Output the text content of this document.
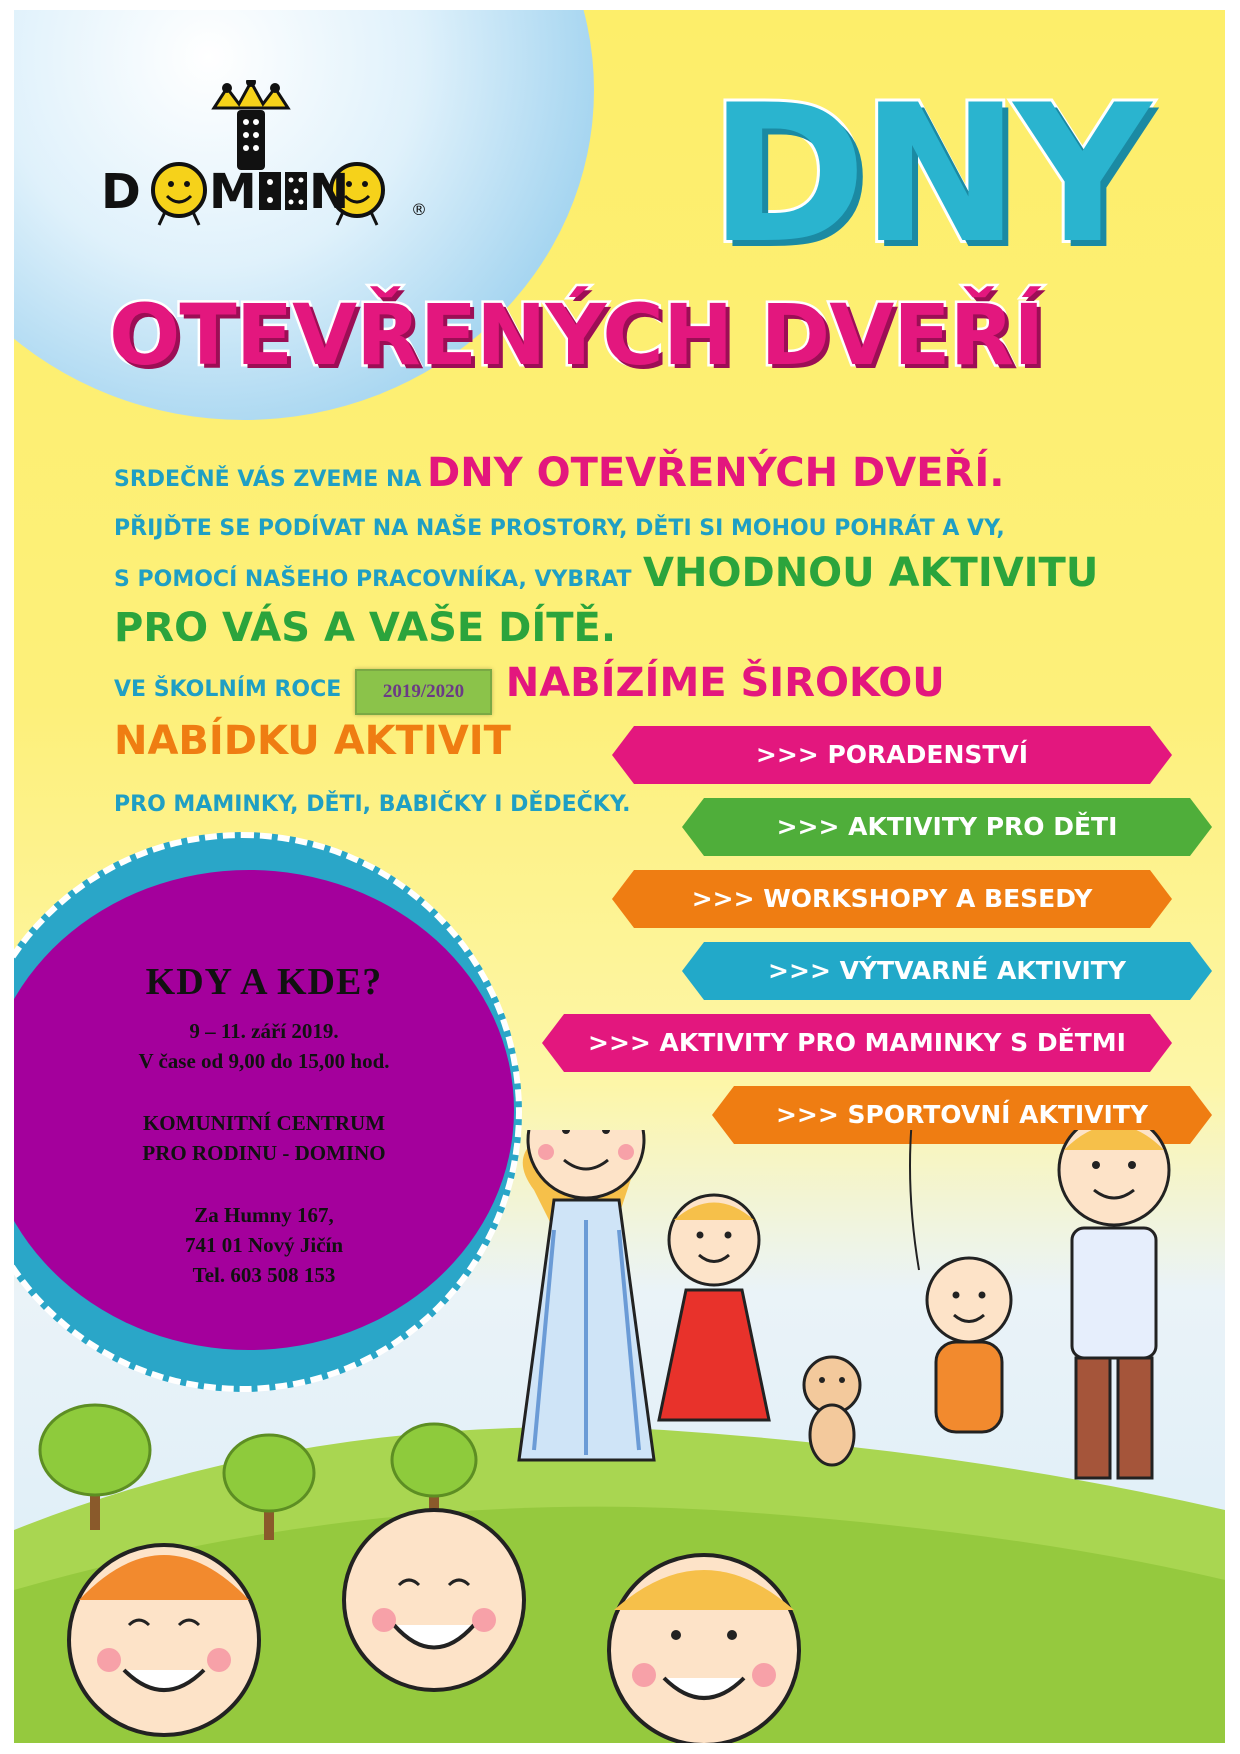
D M N	® DNY
OTEVŘENÝCH DVEŘÍ
SRDEČNĚ VÁS ZVEME NA DNY OTEVŘENÝCH DVEŘÍ.
PŘIJĎTE SE PODÍVAT NA NAŠE PROSTORY, DĚTI SI MOHOU POHRÁT A VY,
S POMOCÍ NAŠEHO PRACOVNÍKA, VYBRAT VHODNOU AKTIVITU
PRO VÁS A VAŠE DÍTĚ.
VE ŠKOLNÍM ROCE 2019/2020 NABÍZÍME ŠIROKOU
NABÍDKU AKTIVIT
PRO MAMINKY, DĚTI, BABIČKY I DĚDEČKY.
>>> PORADENSTVÍ
>>> AKTIVITY PRO DĚTI
>>> WORKSHOPY A BESEDY
>>> VÝTVARNÉ AKTIVITY
>>> AKTIVITY PRO MAMINKY S DĚTMI
>>> SPORTOVNÍ AKTIVITY
KDY A KDE?
9 – 11. září 2019.
V čase od 9,00 do 15,00 hod.
KOMUNITNÍ CENTRUM
PRO RODINU - DOMINO
Za Humny 167,
741 01 Nový Jičín
Tel. 603 508 153
